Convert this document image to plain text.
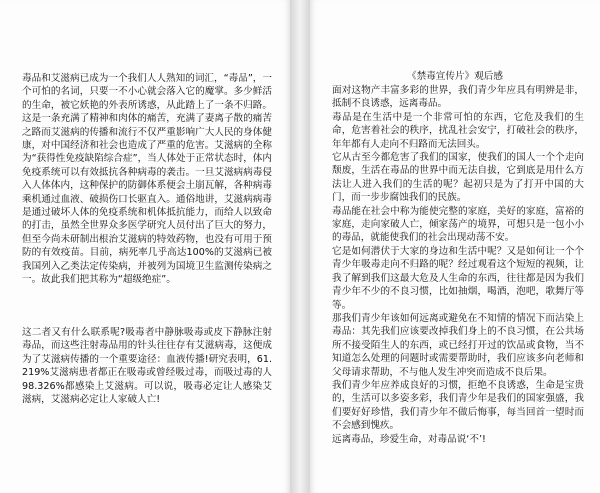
毒品和艾滋病已成为一个我们人人熟知的词汇，“毒品”，一个可怕的名词，只要一不小心就会落入它的魔掌。多少鲜活的生命，被它妖艳的外表所诱惑，从此踏上了一条不归路。这是一条充满了精神和肉体的痛苦，充满了妻离子散的痛苦之路而艾滋病的传播和流行不仅严重影响广大人民的身体健康，对中国经济和社会也造成了严重的危害。艾滋病的全称为“获得性免疫缺陷综合症”，当人体处于正常状态时，体内免疫系统可以有效抵抗各种病毒的袭击。一旦艾滋病病毒侵入人体体内，这种保护的防御体系便会土崩瓦解，各种病毒乘机通过血液、破损伤口长驱直入。通俗地讲，艾滋病病毒是通过破坏人体的免疫系统和机体抵抗能力，而给人以致命的打击，虽然全世界众多医学研究人员付出了巨大的努力，但至今尚未研制出根治艾滋病的特效药物，也没有可用于预防的有效疫苗。目前，病死率几乎高达100%的艾滋病已被我国列入乙类法定传染病，并被列为国境卫生监测传染病之一。故此我们把其称为“超级绝症”。
这二者又有什么联系呢?吸毒者中静脉吸毒或皮下静脉注射毒品，而这些注射毒品用的针头往往存有艾滋病毒，这便成为了艾滋病传播的一个重要途径：血液传播!研究表明，61.219%艾滋病患者都正在吸毒或曾经吸过毒，而吸过毒的人98.326%都感染上艾滋病。可以说，吸毒必定让人感染艾滋病，艾滋病必定让人家破人亡!
《禁毒宣传片》观后感

面对这物产丰富多彩的世界，我们青少年应具有明辨是非，抵制不良诱惑，远离毒品。

毒品是在生活中是一个非常可怕的东西，它危及我们的生命，危害着社会的秩序，扰乱社会安宁，打破社会的秩序，年年都有人走向不归路而无法回头。

它从古至今都危害了我们的国家，使我们的国人一个个走向颓废，生活在毒品的世界中而无法自拔，它到底是用什么方法让人进入我们的生活的呢？起初只是为了打开中国的大门，而一步步腐蚀我们的民族。

毒品能在社会中称为能使完整的家庭，美好的家庭，富裕的家庭，走向家破人亡，倾家荡产的境界，可想只是一包小小的毒品，就能使我们的社会出现动荡不安。

它是如何潜伏于大家的身边和生活中呢？又是如何让一个个青少年吸毒走向不归路的呢？经过观看这个短短的视频，让我了解到我们这最大危及人生命的东西，往往都是因为我们青少年不少的不良习惯，比如抽烟，喝酒，泡吧，歌舞厅等等。

那我们青少年该如何远离或避免在不知情的情况下而沾染上毒品：其先我们应该要改掉我们身上的不良习惯，在公共场所不接受陌生人的东西，或已经打开过的饮品或食物，当不知道怎么处理的问题时或需要帮助时，我们应该多向老师和父母请求帮助，不与他人发生冲突而造成不良后果。

我们青少年应养成良好的习惯，拒绝不良诱惑，生命是宝贵的，生活可以多姿多彩，我们青少年是我们的国家强盛，我们要好好珍惜，我们青少年不做后悔事，每当回首一望时而不会感到愧疚。

远离毒品，珍爱生命，对毒品说‘不’!
